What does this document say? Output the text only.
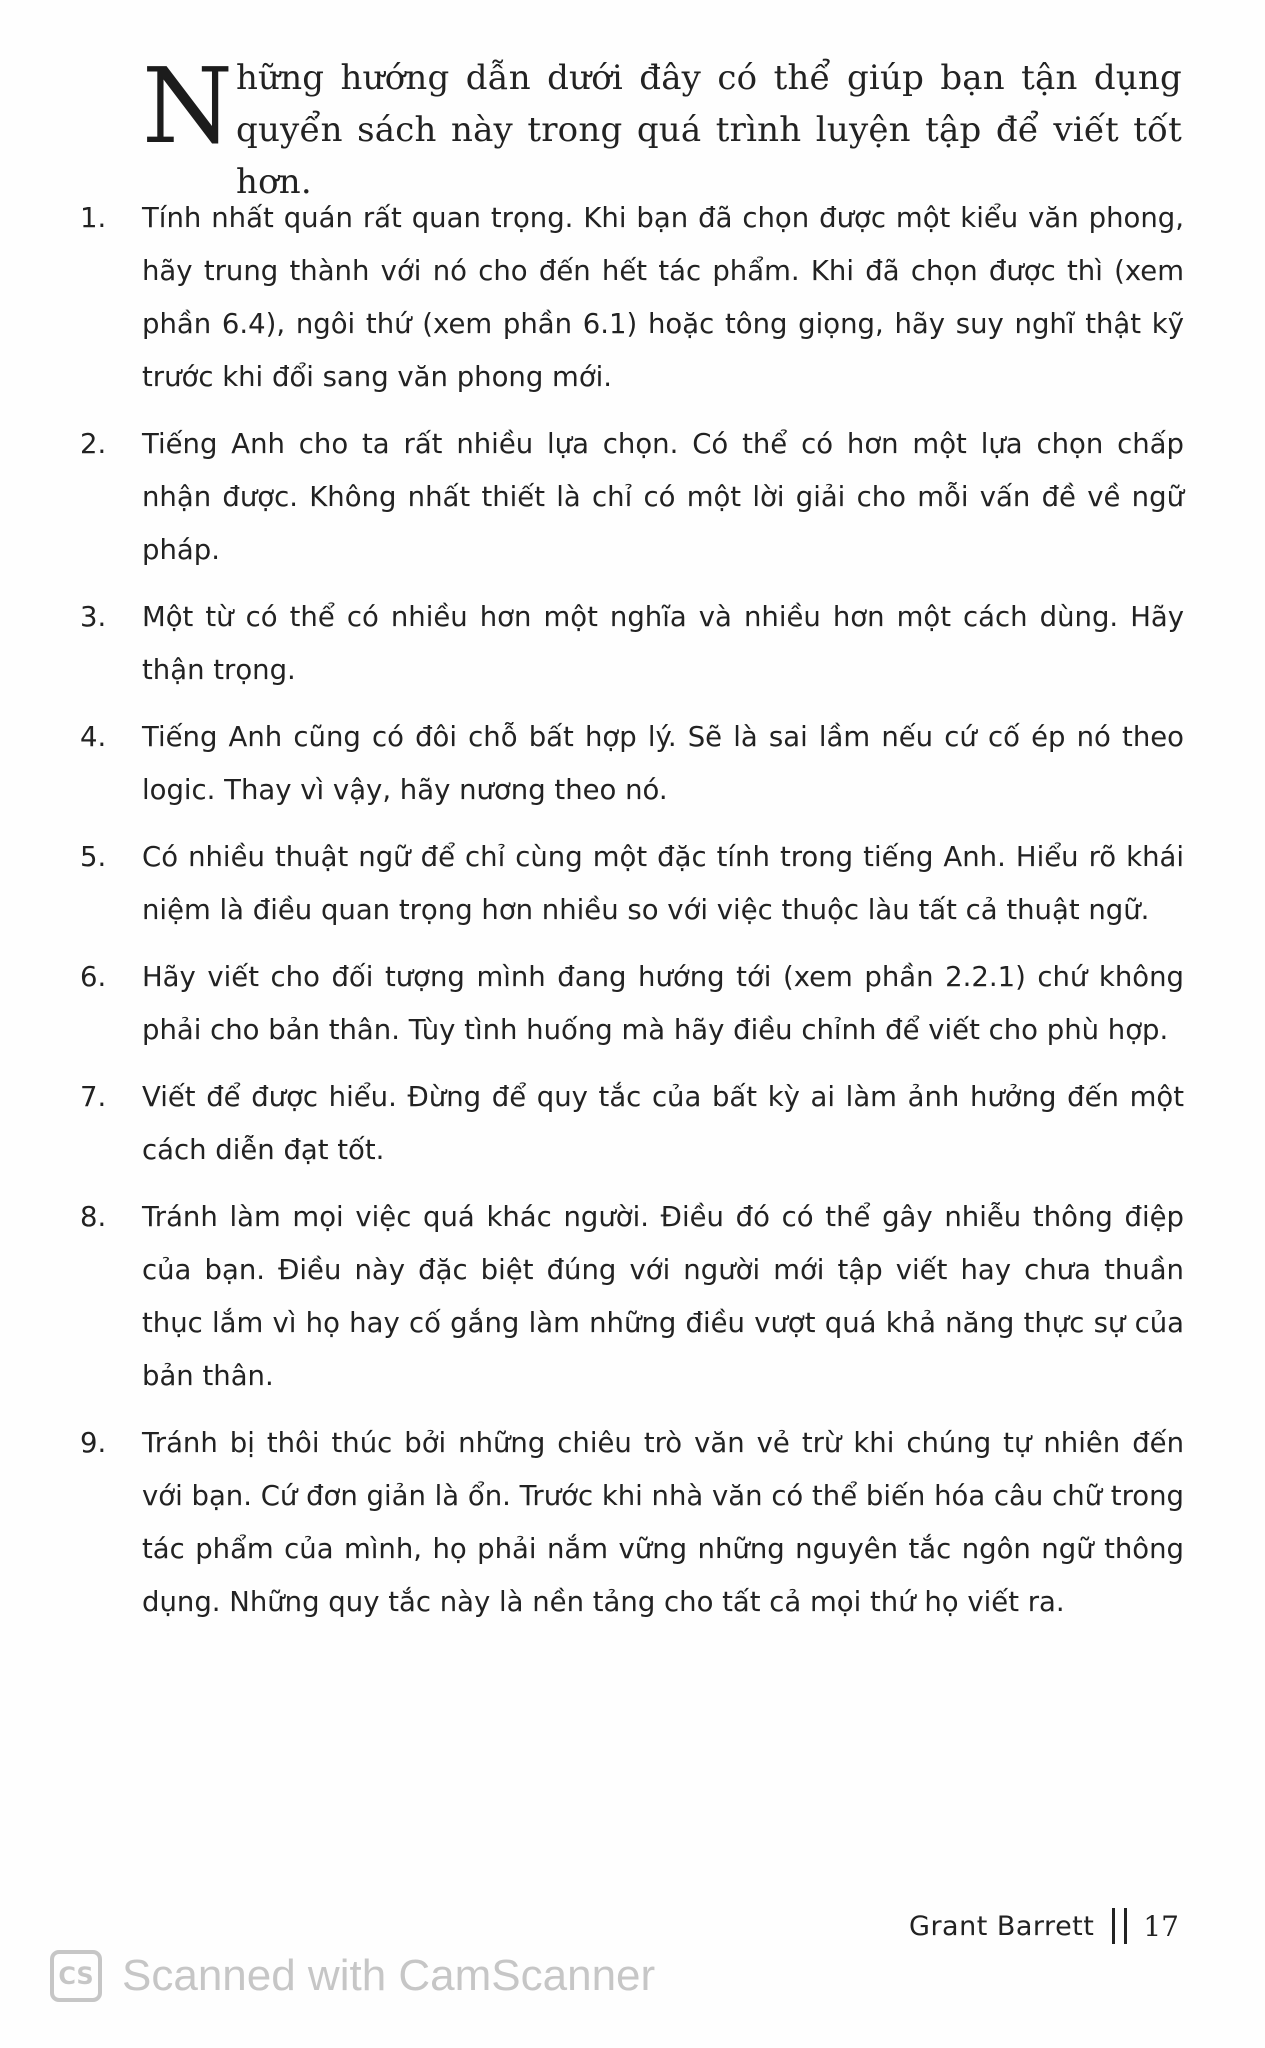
N hững hướng dẫn dưới đây có thể giúp bạn tận dụng quyển sách này trong quá trình luyện tập để viết tốt hơn.
1.	Tính nhất quán rất quan trọng. Khi bạn đã chọn được một kiểu văn phong, hãy trung thành với nó cho đến hết tác phẩm. Khi đã chọn được thì (xem phần 6.4), ngôi thứ (xem phần 6.1) hoặc tông giọng, hãy suy nghĩ thật kỹ trước khi đổi sang văn phong mới.
2.	Tiếng Anh cho ta rất nhiều lựa chọn. Có thể có hơn một lựa chọn chấp nhận được. Không nhất thiết là chỉ có một lời giải cho mỗi vấn đề về ngữ pháp.
3.	Một từ có thể có nhiều hơn một nghĩa và nhiều hơn một cách dùng. Hãy thận trọng.
4.	Tiếng Anh cũng có đôi chỗ bất hợp lý. Sẽ là sai lầm nếu cứ cố ép nó theo logic. Thay vì vậy, hãy nương theo nó.
5.	Có nhiều thuật ngữ để chỉ cùng một đặc tính trong tiếng Anh. Hiểu rõ khái niệm là điều quan trọng hơn nhiều so với việc thuộc làu tất cả thuật ngữ.
6.	Hãy viết cho đối tượng mình đang hướng tới (xem phần 2.2.1) chứ không phải cho bản thân. Tùy tình huống mà hãy điều chỉnh để viết cho phù hợp.
7.	Viết để được hiểu. Đừng để quy tắc của bất kỳ ai làm ảnh hưởng đến một cách diễn đạt tốt.
8.	Tránh làm mọi việc quá khác người. Điều đó có thể gây nhiễu thông điệp của bạn. Điều này đặc biệt đúng với người mới tập viết hay chưa thuần thục lắm vì họ hay cố gắng làm những điều vượt quá khả năng thực sự của bản thân.
9.	Tránh bị thôi thúc bởi những chiêu trò văn vẻ trừ khi chúng tự nhiên đến với bạn. Cứ đơn giản là ổn. Trước khi nhà văn có thể biến hóa câu chữ trong tác phẩm của mình, họ phải nắm vững những nguyên tắc ngôn ngữ thông dụng. Những quy tắc này là nền tảng cho tất cả mọi thứ họ viết ra.
Grant Barrett 17
CS Scanned with CamScanner
